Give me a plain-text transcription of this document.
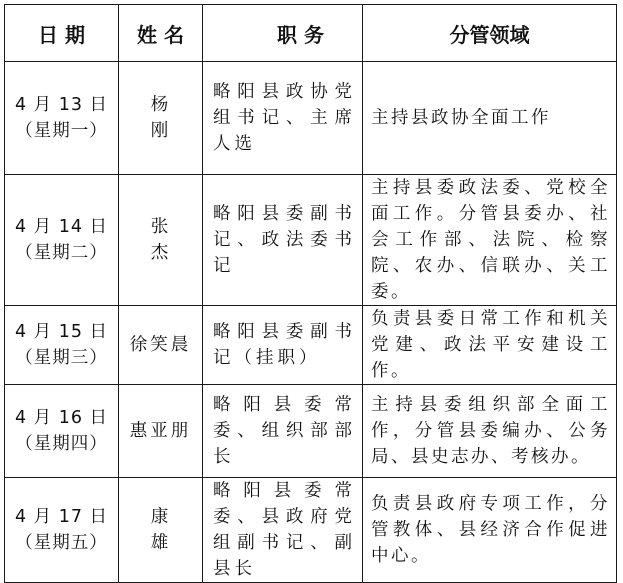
日 期	姓 名	职 务	分管领域

4 月 13 日
（星期一）	杨 刚	略阳县政协党组书记、主席人选	主持县政协全面工作

4 月 14 日
（星期二）	张 杰	略阳县委副书记、政法委书记	主持县委政法委、党校全面工作。分管县委办、社会工作部、法院、检察院、农办、信联办、关工委。

4 月 15 日
（星期三）	徐笑晨	略阳县委副书记（挂职）	负责县委日常工作和机关党建、政法平安建设工作。

4 月 16 日
（星期四）	惠亚朋	略阳县委常委、组织部部长	主持县委组织部全面工作，分管县委编办、公务局、县史志办、考核办。

4 月 17 日
（星期五）	康 雄	略阳县委常委、县政府党组副书记、副县长	负责县政府专项工作，分管教体、县经济合作促进中心。
